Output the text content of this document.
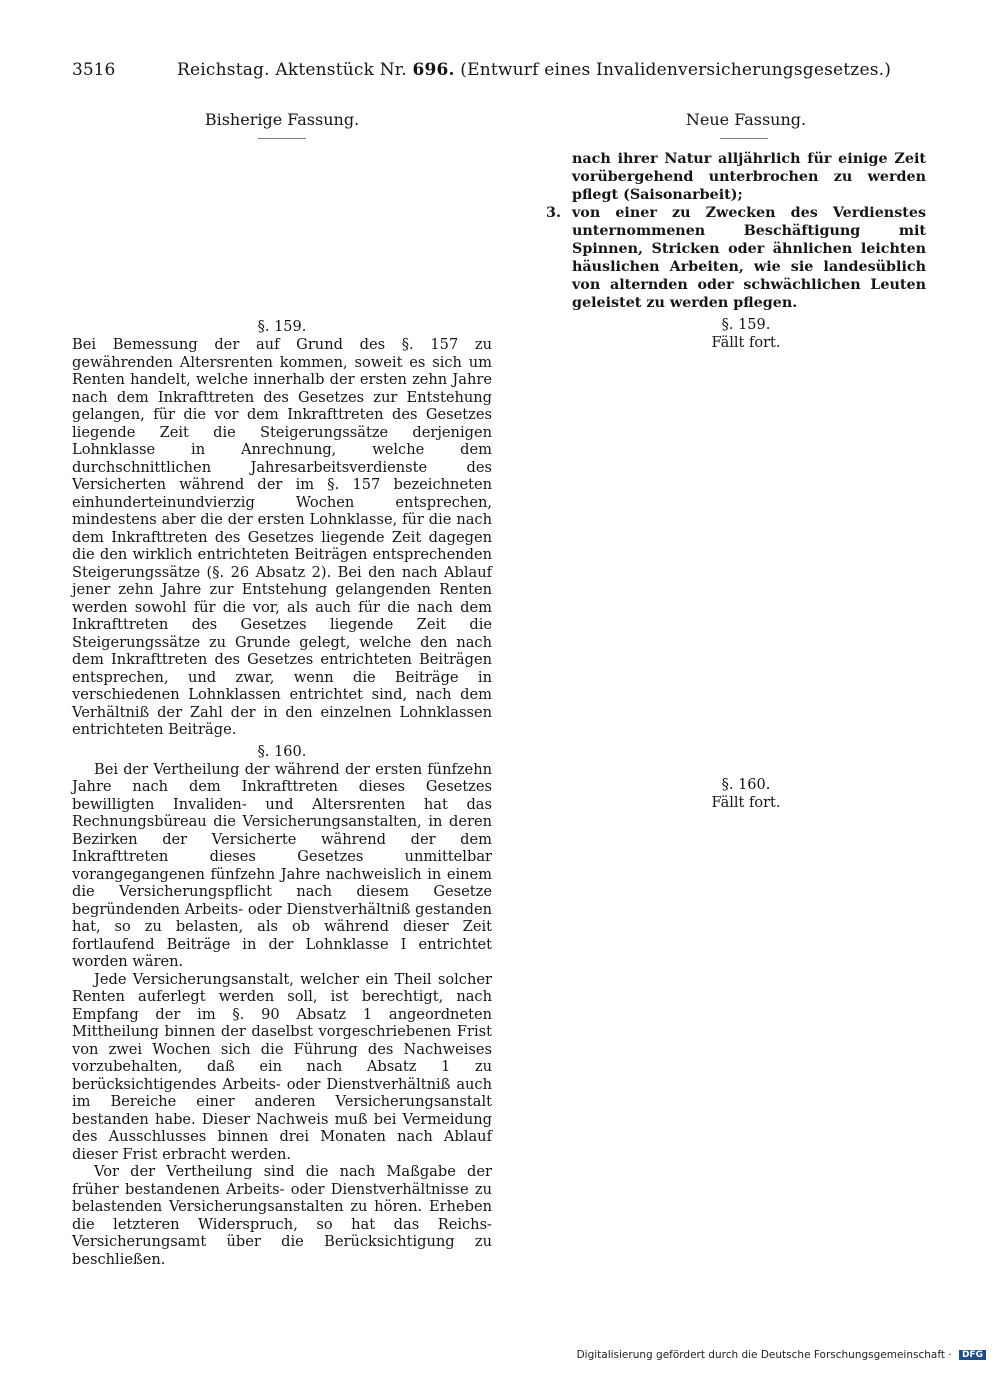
3516	Reichstag. Aktenstück Nr. 696. (Entwurf eines Invalidenversicherungsgesetzes.)
Bisherige Fassung.	Neue Fassung.

nach ihrer Natur alljährlich für einige Zeit vorübergehend unterbrochen zu werden pflegt (Saisonarbeit);

3. von einer zu Zwecken des Verdienstes unternommenen Beschäftigung mit Spinnen, Stricken oder ähnlichen leichten häuslichen Arbeiten, wie sie landesüblich von alternden oder schwächlichen Leuten geleistet zu werden pflegen.

§. 159.
Fällt fort.
§. 160.
Fällt fort.
§. 159.

Bei Bemessung der auf Grund des §. 157 zu gewährenden Altersrenten kommen, soweit es sich um Renten handelt, welche innerhalb der ersten zehn Jahre nach dem Inkrafttreten des Gesetzes zur Entstehung gelangen, für die vor dem Inkrafttreten des Gesetzes liegende Zeit die Steigerungssätze derjenigen Lohnklasse in Anrechnung, welche dem durchschnittlichen Jahresarbeitsverdienste des Versicherten während der im §. 157 bezeichneten einhunderteinundvierzig Wochen entsprechen, mindestens aber die der ersten Lohnklasse, für die nach dem Inkrafttreten des Gesetzes liegende Zeit dagegen die den wirklich entrichteten Beiträgen entsprechenden Steigerungssätze (§. 26 Absatz 2). Bei den nach Ablauf jener zehn Jahre zur Entstehung gelangenden Renten werden sowohl für die vor, als auch für die nach dem Inkrafttreten des Gesetzes liegende Zeit die Steigerungssätze zu Grunde gelegt, welche den nach dem Inkrafttreten des Gesetzes entrichteten Beiträgen entsprechen, und zwar, wenn die Beiträge in verschiedenen Lohnklassen entrichtet sind, nach dem Verhältniß der Zahl der in den einzelnen Lohnklassen entrichteten Beiträge.

§. 160.

Bei der Vertheilung der während der ersten fünfzehn Jahre nach dem Inkrafttreten dieses Gesetzes bewilligten Invaliden- und Altersrenten hat das Rechnungsbüreau die Versicherungsanstalten, in deren Bezirken der Versicherte während der dem Inkrafttreten dieses Gesetzes unmittelbar vorangegangenen fünfzehn Jahre nachweislich in einem die Versicherungspflicht nach diesem Gesetze begründenden Arbeits- oder Dienstverhältniß gestanden hat, so zu belasten, als ob während dieser Zeit fortlaufend Beiträge in der Lohnklasse I entrichtet worden wären.

Jede Versicherungsanstalt, welcher ein Theil solcher Renten auferlegt werden soll, ist berechtigt, nach Empfang der im §. 90 Absatz 1 angeordneten Mittheilung binnen der daselbst vorgeschriebenen Frist von zwei Wochen sich die Führung des Nachweises vorzubehalten, daß ein nach Absatz 1 zu berücksichtigendes Arbeits- oder Dienstverhältniß auch im Bereiche einer anderen Versicherungsanstalt bestanden habe. Dieser Nachweis muß bei Vermeidung des Ausschlusses binnen drei Monaten nach Ablauf dieser Frist erbracht werden.

Vor der Vertheilung sind die nach Maßgabe der früher bestandenen Arbeits- oder Dienstverhältnisse zu belastenden Versicherungsanstalten zu hören. Erheben die letzteren Widerspruch, so hat das Reichs-Versicherungsamt über die Berücksichtigung zu beschließen.

Digitalisierung gefördert durch die Deutsche Forschungsgemeinschaft · DFG
